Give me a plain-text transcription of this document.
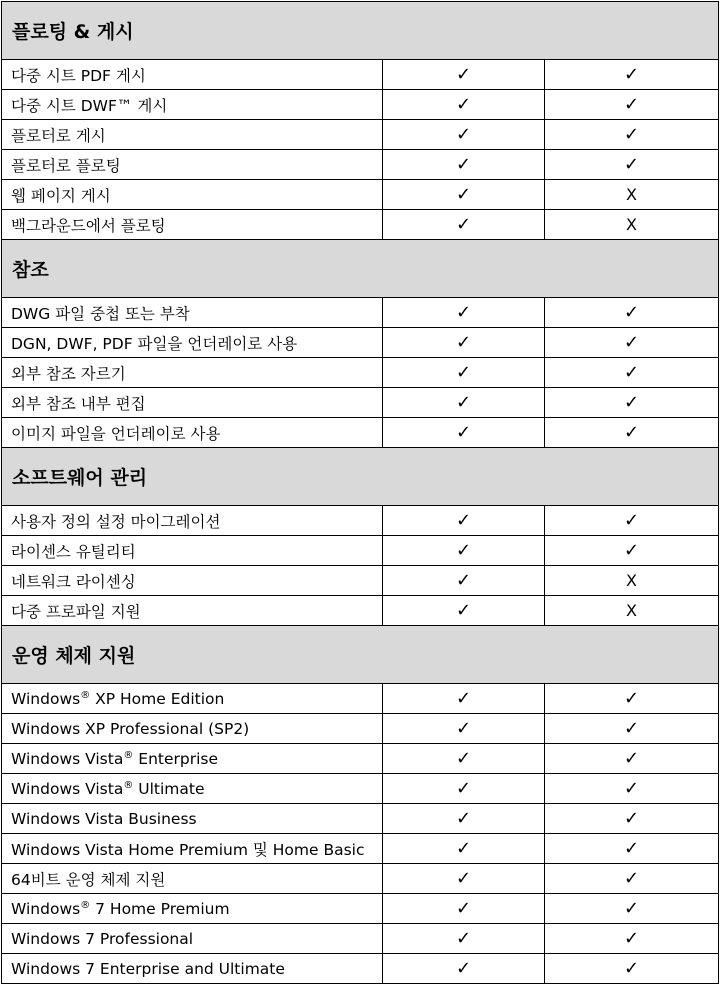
플로팅 & 게시		
다중 시트 PDF 게시	✓	✓
다중 시트 DWF™ 게시	✓	✓
플로터로 게시	✓	✓
플로터로 플로팅	✓	✓
웹 페이지 게시	✓	X
백그라운드에서 플로팅	✓	X
참조		
DWG 파일 중첩 또는 부착	✓	✓
DGN, DWF, PDF 파일을 언더레이로 사용	✓	✓
외부 참조 자르기	✓	✓
외부 참조 내부 편집	✓	✓
이미지 파일을 언더레이로 사용	✓	✓
소프트웨어 관리		
사용자 정의 설정 마이그레이션	✓	✓
라이센스 유틸리티	✓	✓
네트워크 라이센싱	✓	X
다중 프로파일 지원	✓	X
운영 체제 지원		
Windows® XP Home Edition	✓	✓
Windows XP Professional (SP2)	✓	✓
Windows Vista® Enterprise	✓	✓
Windows Vista® Ultimate	✓	✓
Windows Vista Business	✓	✓
Windows Vista Home Premium 및 Home Basic	✓	✓
64비트 운영 체제 지원	✓	✓
Windows® 7 Home Premium	✓	✓
Windows 7 Professional	✓	✓
Windows 7 Enterprise and Ultimate	✓	✓
